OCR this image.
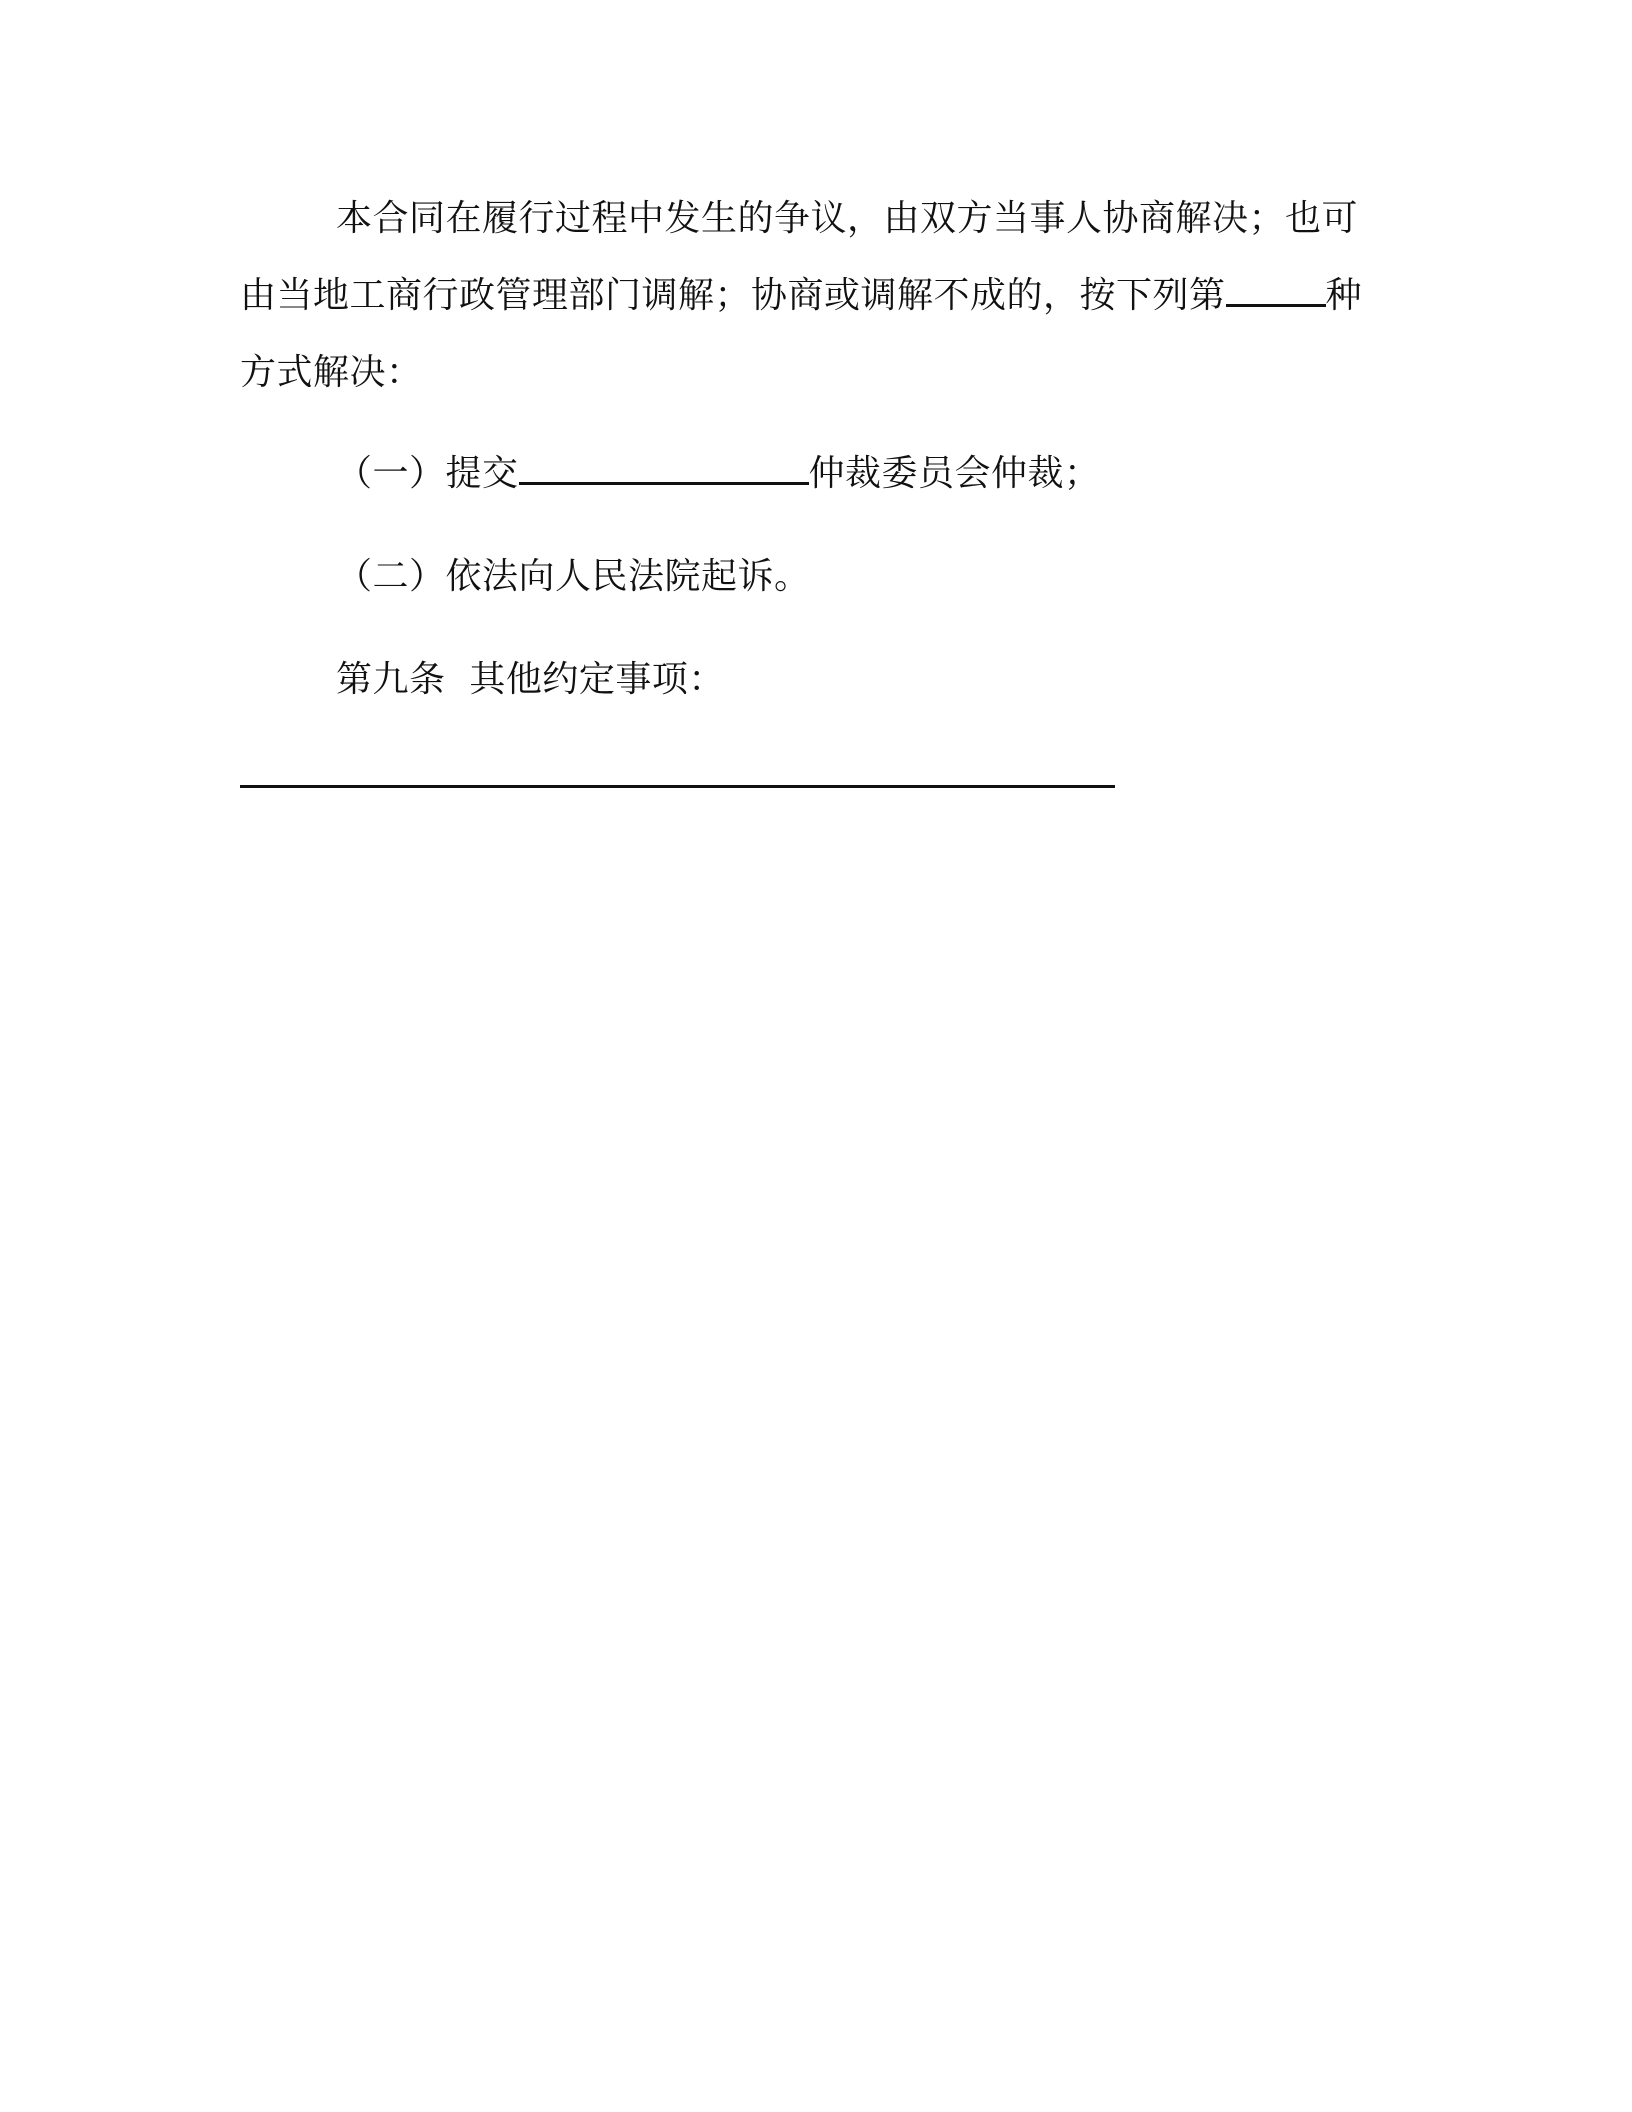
本合同在履行过程中发生的争议，由双方当事人协商解决；也可
由当地工商行政管理部门调解；协商或调解不成的，按下列第	种
方式解决：
（一）提交	仲裁委员会仲裁；
（二）依法向人民法院起诉。
第九条  其他约定事项：
